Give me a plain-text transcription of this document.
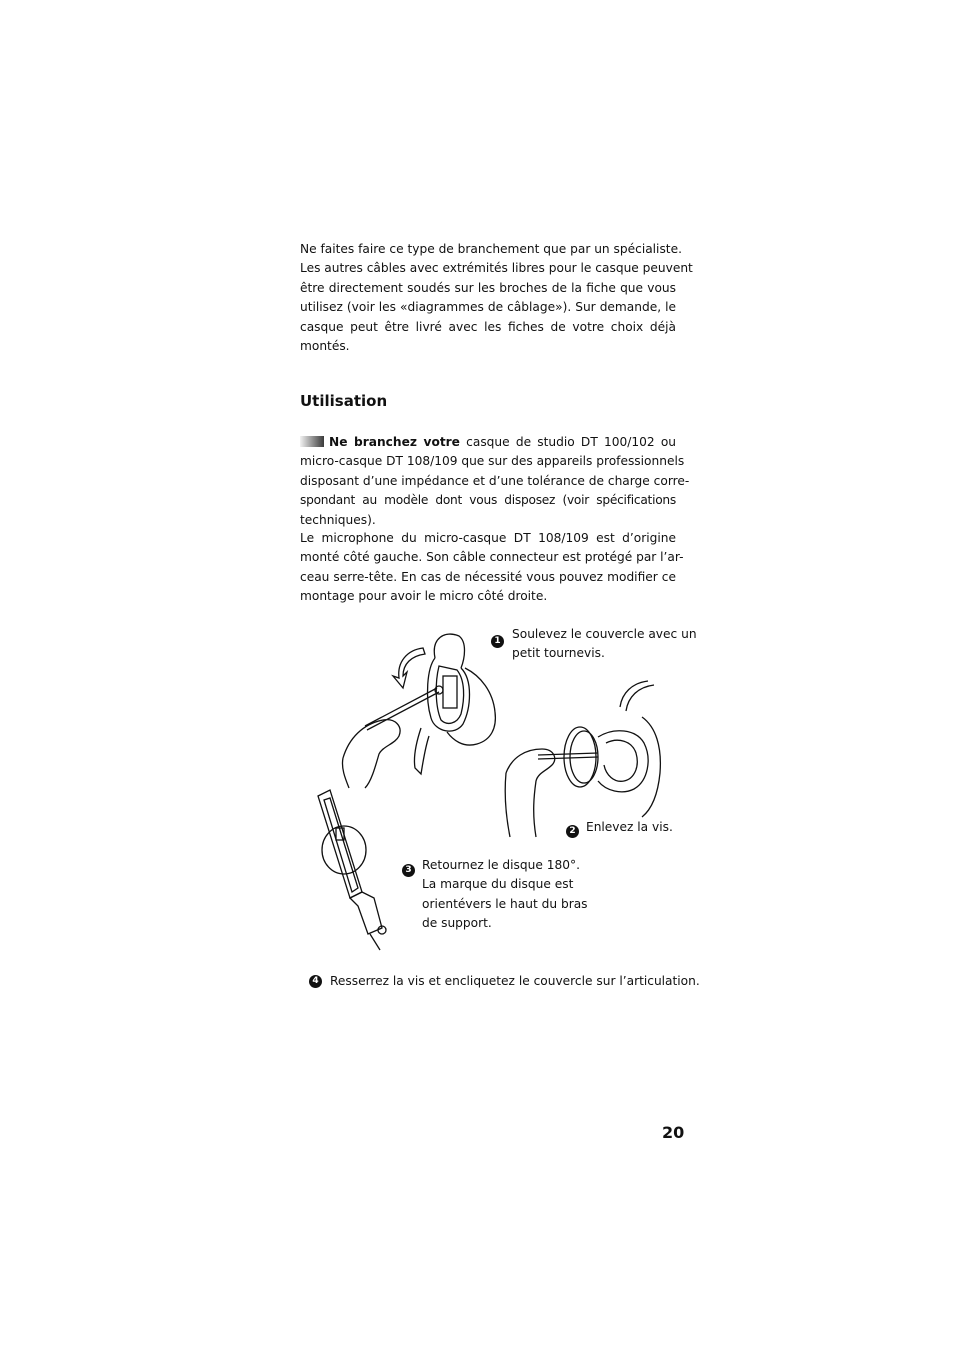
Ne faites faire ce type de branchement que par un spécialiste.
Les autres câbles avec extrémités libres pour le casque peuvent
être directement soudés sur les broches de la fiche que vous
utilisez (voir les «diagrammes de câblage»). Sur demande, le
casque peut être livré avec les fiches de votre choix déjà
montés.
Utilisation
Ne branchez votre casque de studio DT 100/102 ou
micro-casque DT 108/109 que sur des appareils professionnels
disposant d’une impédance et d’une tolérance de charge corre-
spondant au modèle dont vous disposez (voir spécifications
techniques).
Le microphone du micro-casque DT 108/109 est d’origine
monté côté gauche. Son câble connecteur est protégé par l’ar-
ceau serre-tête. En cas de nécessité vous pouvez modifier ce
montage pour avoir le micro côté droite.
1 Soulevez le couvercle avec un
petit tournevis.
2 Enlevez la vis.
3 Retournez le disque 180°.
La marque du disque est
orientévers le haut du bras
de support.
4 Resserrez la vis et encliquetez le couvercle sur l’articulation.
20
